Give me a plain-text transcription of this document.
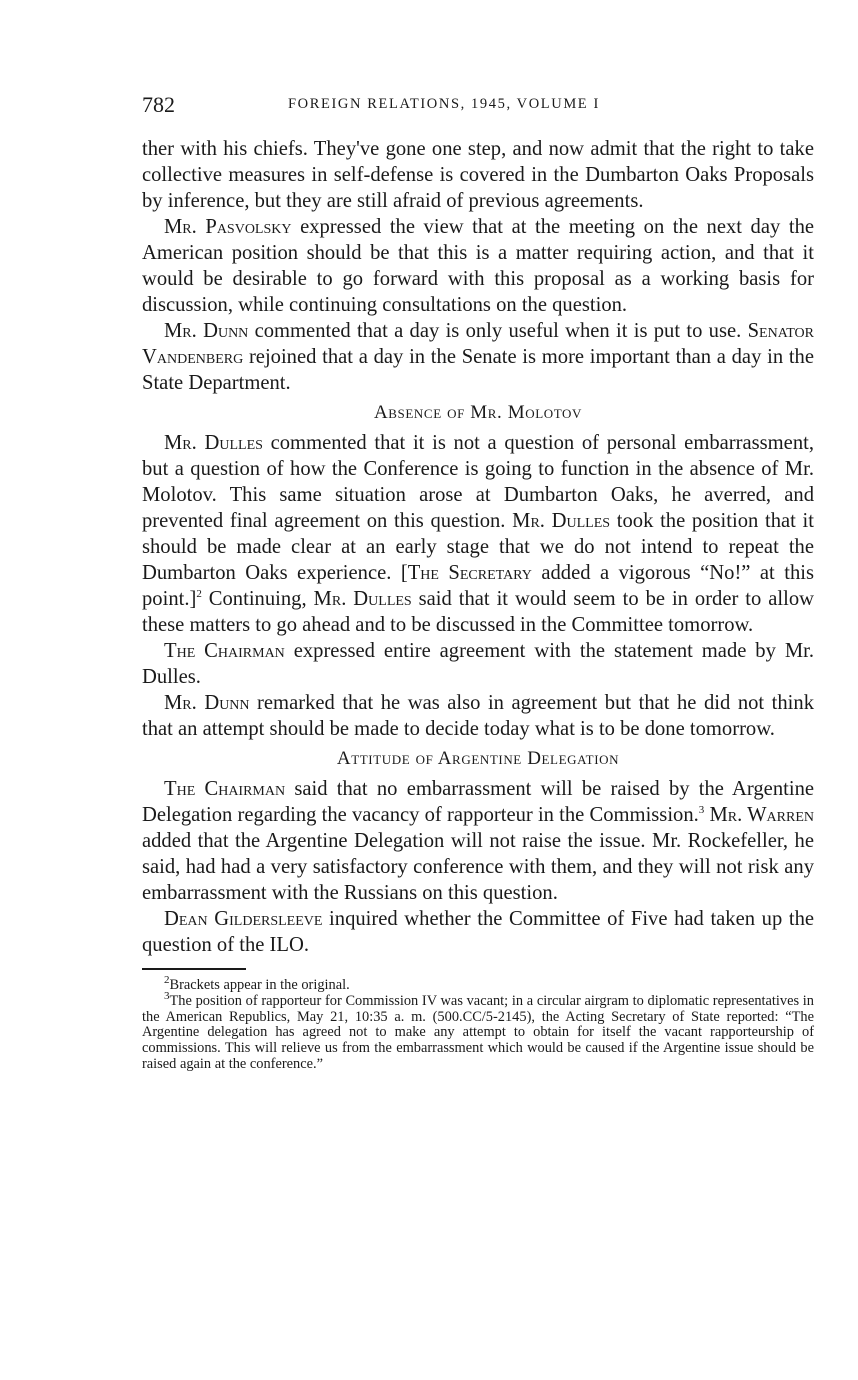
782	FOREIGN RELATIONS, 1945, VOLUME I

ther with his chiefs. They've gone one step, and now admit that the right to take collective measures in self-defense is covered in the Dumbarton Oaks Proposals by inference, but they are still afraid of previous agreements.

Mr. Pasvolsky expressed the view that at the meeting on the next day the American position should be that this is a matter requiring action, and that it would be desirable to go forward with this proposal as a working basis for discussion, while continuing consultations on the question.

Mr. Dunn commented that a day is only useful when it is put to use. Senator Vandenberg rejoined that a day in the Senate is more important than a day in the State Department.

Absence of Mr. Molotov

Mr. Dulles commented that it is not a question of personal embarrassment, but a question of how the Conference is going to function in the absence of Mr. Molotov. This same situation arose at Dumbarton Oaks, he averred, and prevented final agreement on this question. Mr. Dulles took the position that it should be made clear at an early stage that we do not intend to repeat the Dumbarton Oaks experience. [The Secretary added a vigorous “No!” at this point.]$^2$ Continuing, Mr. Dulles said that it would seem to be in order to allow these matters to go ahead and to be discussed in the Committee tomorrow.

The Chairman expressed entire agreement with the statement made by Mr. Dulles.

Mr. Dunn remarked that he was also in agreement but that he did not think that an attempt should be made to decide today what is to be done tomorrow.

Attitude of Argentine Delegation

The Chairman said that no embarrassment will be raised by the Argentine Delegation regarding the vacancy of rapporteur in the Commission.$^3$ Mr. Warren added that the Argentine Delegation will not raise the issue. Mr. Rockefeller, he said, had had a very satisfactory conference with them, and they will not risk any embarrassment with the Russians on this question.

Dean Gildersleeve inquired whether the Committee of Five had taken up the question of the ILO.

$^2$Brackets appear in the original.

$^3$The position of rapporteur for Commission IV was vacant; in a circular airgram to diplomatic representatives in the American Republics, May 21, 10:35 a. m. (500.CC/5-2145), the Acting Secretary of State reported: “The Argentine delegation has agreed not to make any attempt to obtain for itself the vacant rapporteurship of commissions. This will relieve us from the embarrassment which would be caused if the Argentine issue should be raised again at the conference.”
